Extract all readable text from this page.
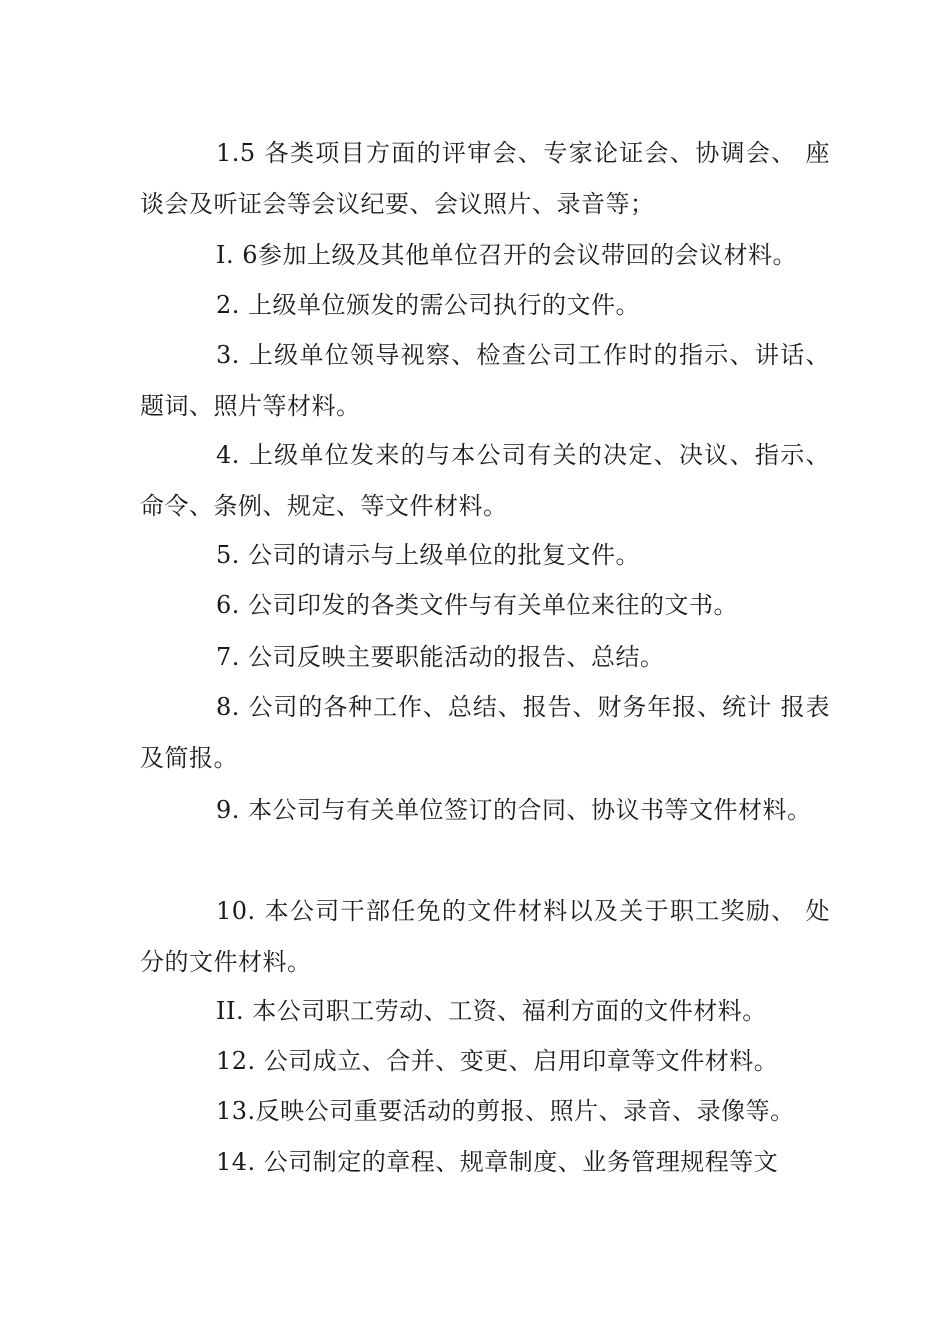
1.5 各类项目方面的评审会、专家论证会、协调会、 座谈会及听证会等会议纪要、会议照片、录音等；

I. 6参加上级及其他单位召开的会议带回的会议材料。

2. 上级单位颁发的需公司执行的文件。

3. 上级单位领导视察、检查公司工作时的指示、讲话、题词、照片等材料。

4. 上级单位发来的与本公司有关的决定、决议、指示、命令、条例、规定、等文件材料。

5. 公司的请示与上级单位的批复文件。

6. 公司印发的各类文件与有关单位来往的文书。

7. 公司反映主要职能活动的报告、总结。

8. 公司的各种工作、总结、报告、财务年报、统计 报表及简报。

9. 本公司与有关单位签订的合同、协议书等文件材料。

10. 本公司干部任免的文件材料以及关于职工奖励、 处分的文件材料。

II. 本公司职工劳动、工资、福利方面的文件材料。

12. 公司成立、合并、变更、启用印章等文件材料。

13.反映公司重要活动的剪报、照片、录音、录像等。

14. 公司制定的章程、规章制度、业务管理规程等文
